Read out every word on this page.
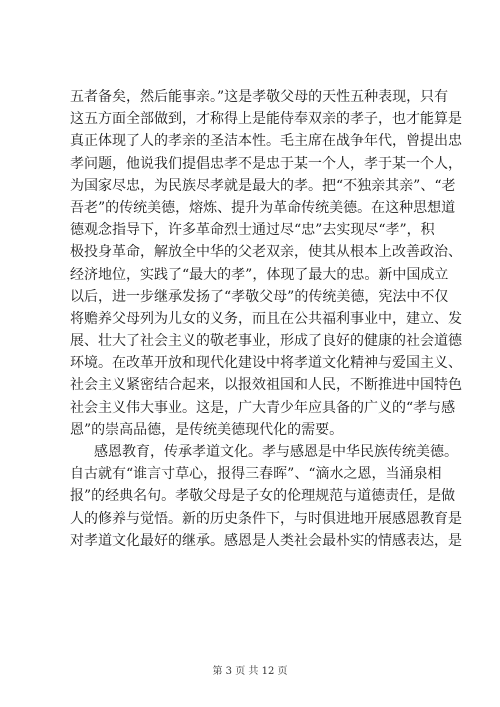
五者备矣，然后能事亲。”这是孝敬父母的天性五种表现，只有
这五方面全部做到，才称得上是能侍奉双亲的孝子，也才能算是
真正体现了人的孝亲的圣洁本性。毛主席在战争年代，曾提出忠
孝问题，他说我们提倡忠孝不是忠于某一个人，孝于某一个人，
为国家尽忠，为民族尽孝就是最大的孝。把“不独亲其亲”、“老
吾老”的传统美德，熔炼、提升为革命传统美德。在这种思想道
德观念指导下，许多革命烈士通过尽“忠”去实现尽“孝”，积
极投身革命，解放全中华的父老双亲，使其从根本上改善政治、
经济地位，实践了“最大的孝”，体现了最大的忠。新中国成立
以后，进一步继承发扬了“孝敬父母”的传统美德，宪法中不仅
将赡养父母列为儿女的义务，而且在公共福利事业中，建立、发
展、壮大了社会主义的敬老事业，形成了良好的健康的社会道德
环境。在改革开放和现代化建设中将孝道文化精神与爱国主义、
社会主义紧密结合起来，以报效祖国和人民，不断推进中国特色
社会主义伟大事业。这是，广大青少年应具备的广义的“孝与感
恩”的崇高品德，是传统美德现代化的需要。
感恩教育，传承孝道文化。孝与感恩是中华民族传统美德。
自古就有“谁言寸草心，报得三春晖”、“滴水之恩，当涌泉相
报”的经典名句。孝敬父母是子女的伦理规范与道德责任，是做
人的修养与觉悟。新的历史条件下，与时俱进地开展感恩教育是
对孝道文化最好的继承。感恩是人类社会最朴实的情感表达，是
第 3 页 共 12 页
